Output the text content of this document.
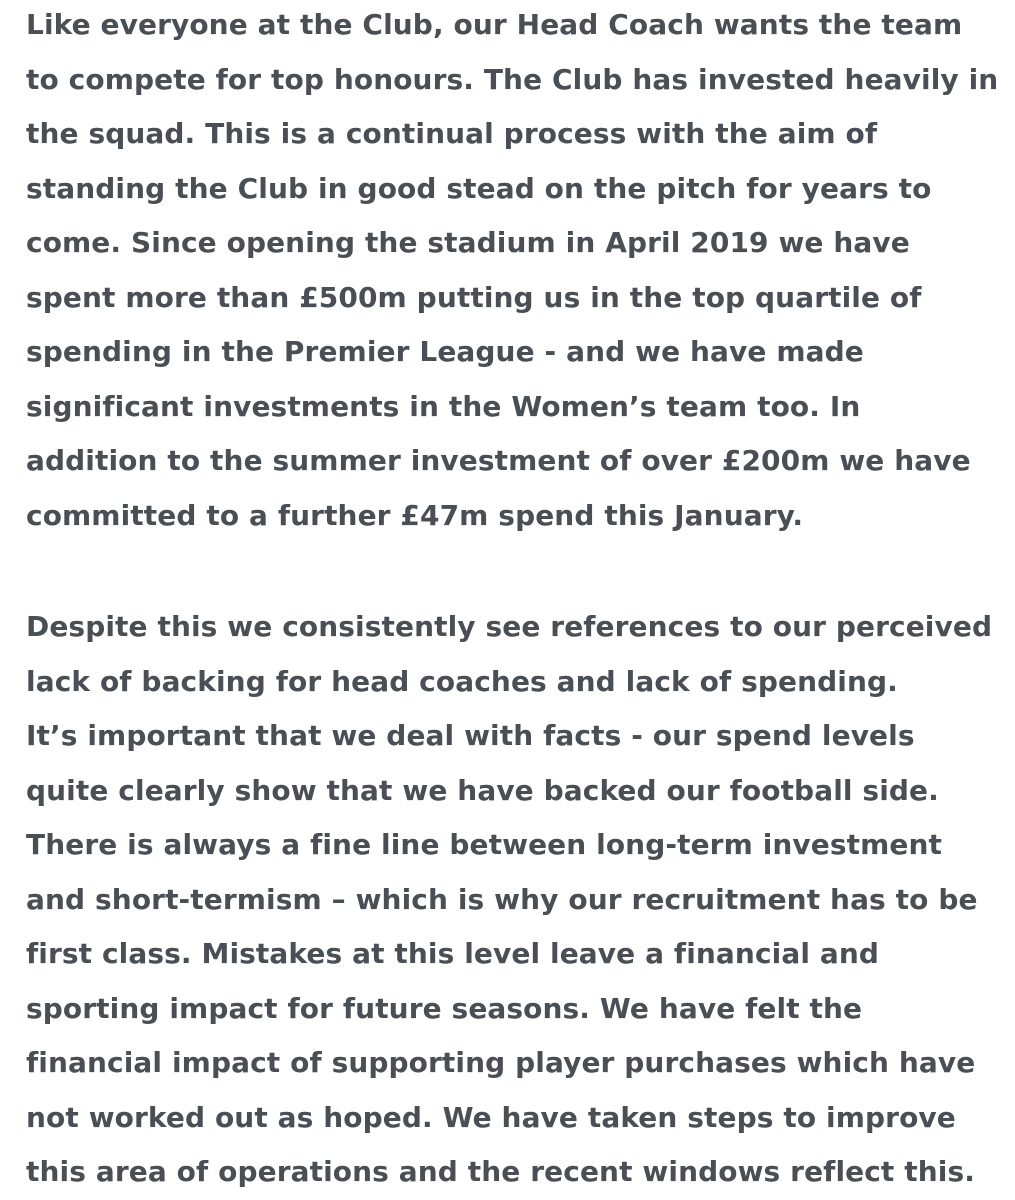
Like everyone at the Club, our Head Coach wants the team
to compete for top honours. The Club has invested heavily in
the squad. This is a continual process with the aim of
standing the Club in good stead on the pitch for years to
come. Since opening the stadium in April 2019 we have
spent more than £500m putting us in the top quartile of
spending in the Premier League - and we have made
significant investments in the Women’s team too. In
addition to the summer investment of over £200m we have
committed to a further £47m spend this January.
Despite this we consistently see references to our perceived
lack of backing for head coaches and lack of spending.
It’s important that we deal with facts - our spend levels
quite clearly show that we have backed our football side.
There is always a fine line between long-term investment
and short-termism – which is why our recruitment has to be
first class. Mistakes at this level leave a financial and
sporting impact for future seasons. We have felt the
financial impact of supporting player purchases which have
not worked out as hoped. We have taken steps to improve
this area of operations and the recent windows reflect this.
